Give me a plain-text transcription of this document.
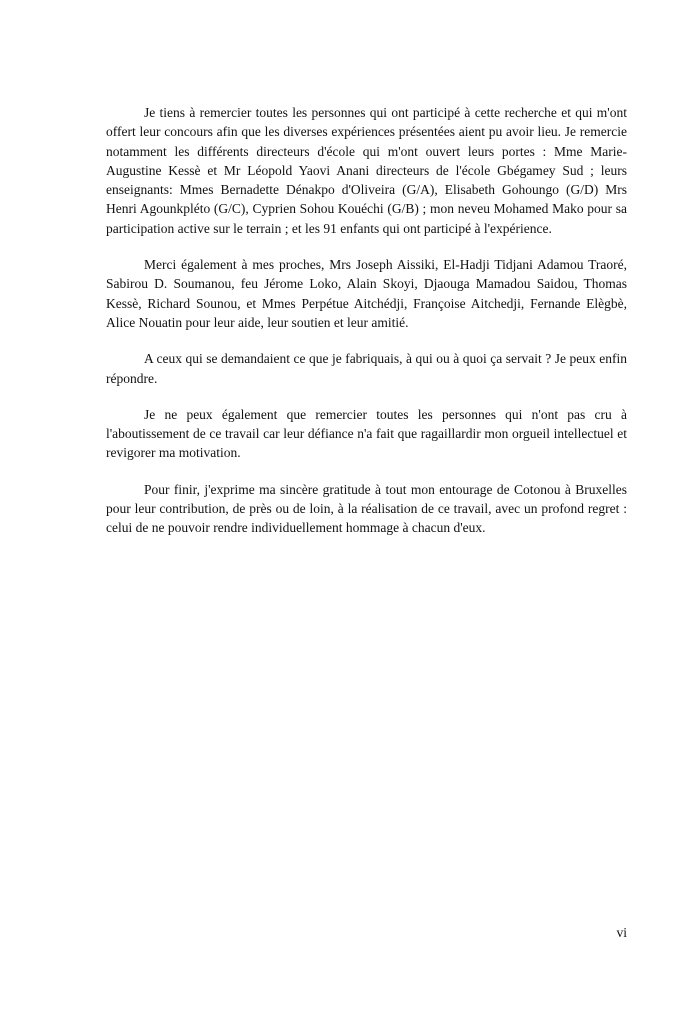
Je tiens à remercier toutes les personnes qui ont participé à cette recherche et qui m'ont offert leur concours afin que les diverses expériences présentées aient pu avoir lieu. Je remercie notamment les différents directeurs d'école qui m'ont ouvert leurs portes : Mme Marie-Augustine Kessè et Mr Léopold Yaovi Anani directeurs de l'école Gbégamey Sud ; leurs enseignants: Mmes Bernadette Dénakpo d'Oliveira (G/A), Elisabeth Gohoungo (G/D) Mrs Henri Agounkpléto (G/C), Cyprien Sohou Kouéchi (G/B) ; mon neveu Mohamed Mako pour sa participation active sur le terrain ; et les 91 enfants qui ont participé à l'expérience.

Merci également à mes proches, Mrs Joseph Aissiki, El-Hadji Tidjani Adamou Traoré, Sabirou D. Soumanou, feu Jérome Loko, Alain Skoyi, Djaouga Mamadou Saidou, Thomas Kessè, Richard Sounou, et Mmes Perpétue Aitchédji, Françoise Aitchedji, Fernande Elègbè, Alice Nouatin pour leur aide, leur soutien et leur amitié.

A ceux qui se demandaient ce que je fabriquais, à qui ou à quoi ça servait ? Je peux enfin répondre.

Je ne peux également que remercier toutes les personnes qui n'ont pas cru à l'aboutissement de ce travail car leur défiance n'a fait que ragaillardir mon orgueil intellectuel et revigorer ma motivation.

Pour finir, j'exprime ma sincère gratitude à tout mon entourage de Cotonou à Bruxelles pour leur contribution, de près ou de loin, à la réalisation de ce travail, avec un profond regret : celui de ne pouvoir rendre individuellement hommage à chacun d'eux.

vi
